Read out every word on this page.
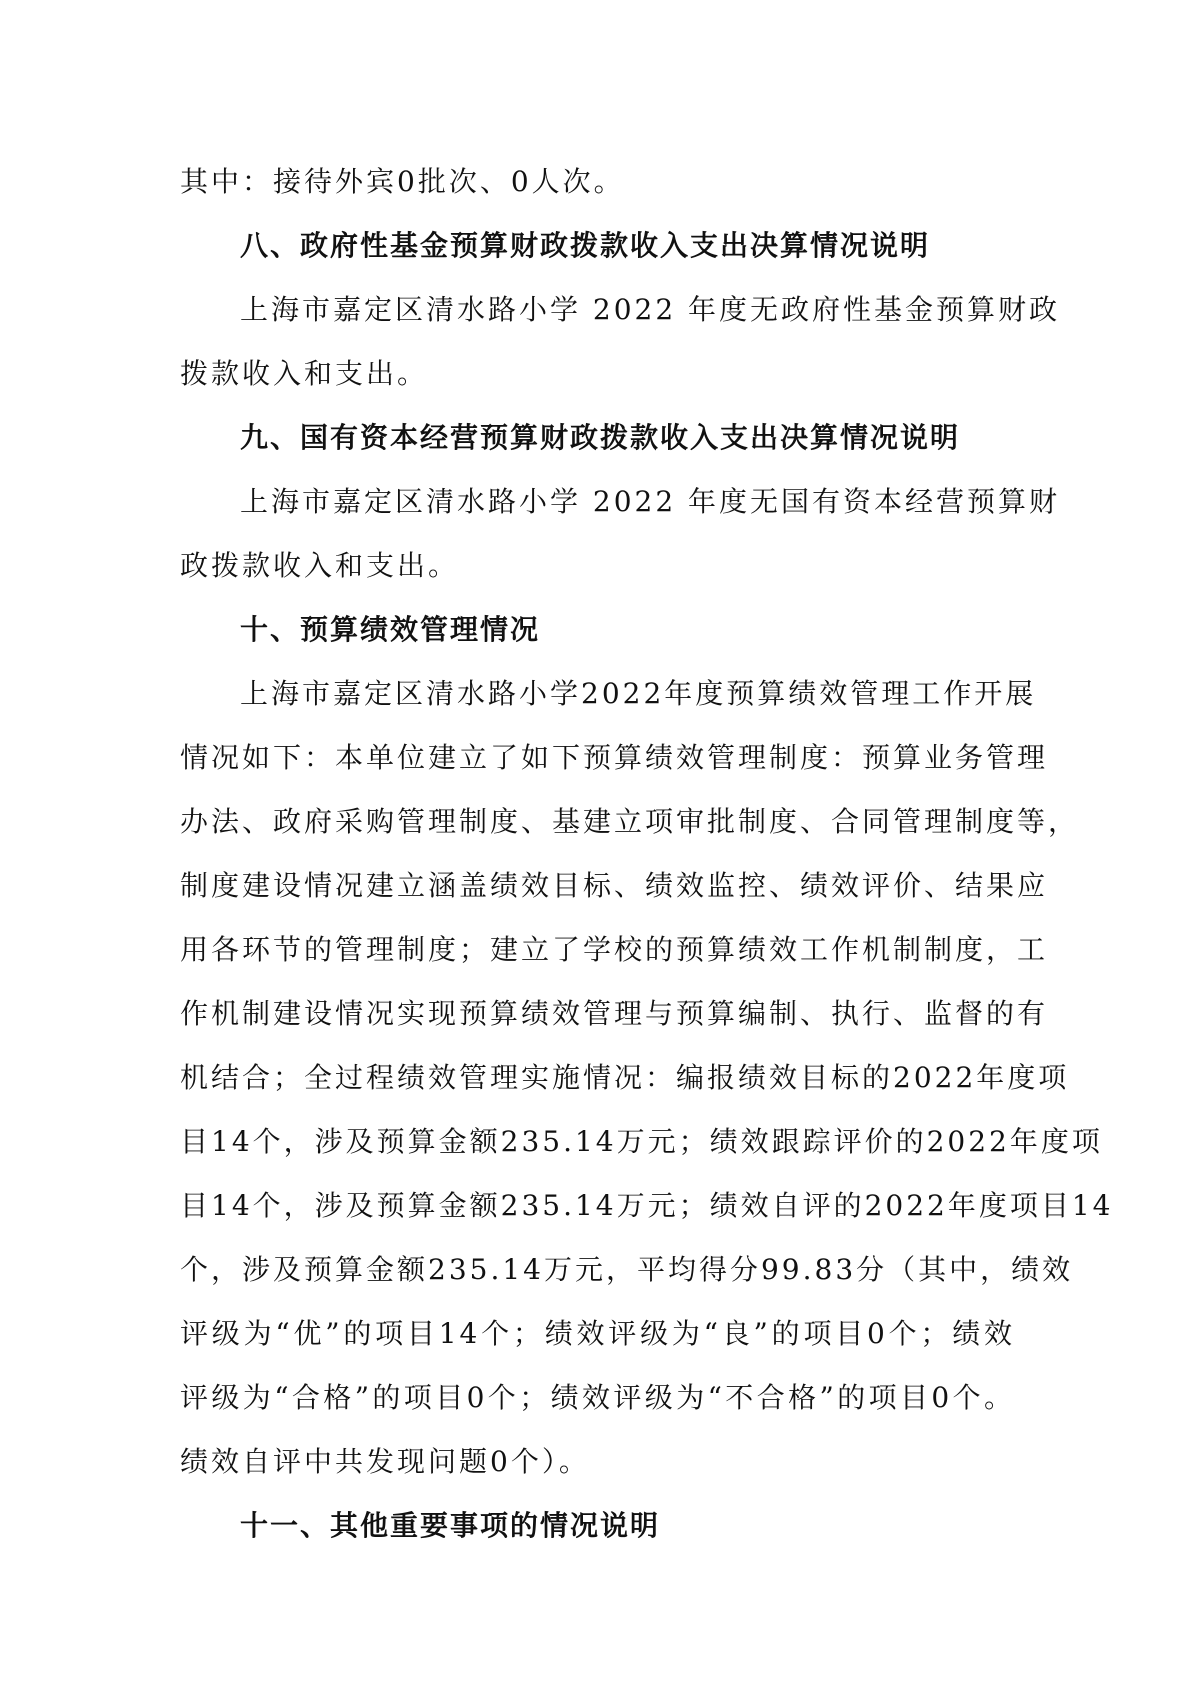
其中：接待外宾0批次、0人次。
八、政府性基金预算财政拨款收入支出决算情况说明
上海市嘉定区清水路小学 2022 年度无政府性基金预算财政
拨款收入和支出。
九、国有资本经营预算财政拨款收入支出决算情况说明
上海市嘉定区清水路小学 2022 年度无国有资本经营预算财
政拨款收入和支出。
十、预算绩效管理情况
上海市嘉定区清水路小学2022年度预算绩效管理工作开展
情况如下：本单位建立了如下预算绩效管理制度：预算业务管理
办法、政府采购管理制度、基建立项审批制度、合同管理制度等，
制度建设情况建立涵盖绩效目标、绩效监控、绩效评价、结果应
用各环节的管理制度；建立了学校的预算绩效工作机制制度，工
作机制建设情况实现预算绩效管理与预算编制、执行、监督的有
机结合；全过程绩效管理实施情况：编报绩效目标的2022年度项
目14个，涉及预算金额235.14万元；绩效跟踪评价的2022年度项
目14个，涉及预算金额235.14万元；绩效自评的2022年度项目14
个，涉及预算金额235.14万元，平均得分99.83分（其中，绩效
评级为“优”的项目14个；绩效评级为“良”的项目0个；绩效
评级为“合格”的项目0个；绩效评级为“不合格”的项目0个。
绩效自评中共发现问题0个）。
十一、其他重要事项的情况说明
